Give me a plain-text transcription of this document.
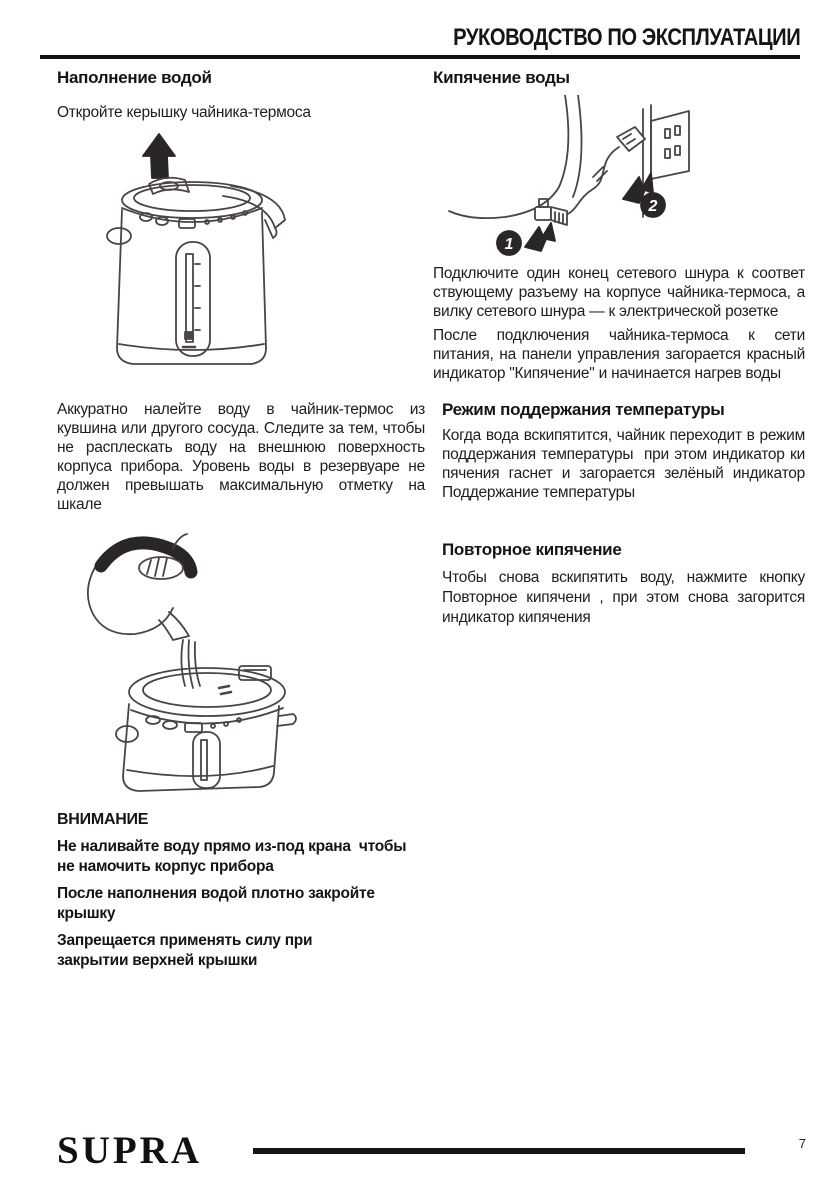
РУКОВОДСТВО ПО ЭКСПЛУАТАЦИИ
Наполнение водой

Откройте керышку чайника-термоса

Аккуратно налейте воду в чайник-термос из кувшина или другого сосуда. Следите за тем, чтобы не расплескать воду на внешнюю поверхность корпуса прибора. Уровень воды в резервуаре не должен превышать максимальную отметку на шкале

ВНИМАНИЕ

Не наливайте воду прямо из-под крана  чтобы не намочить корпус прибора

После наполнения водой плотно закройте крышку

Запрещается применять силу при закрытии верхней крышки

Кипячение воды
1
2

Подключите один конец сетевого шнура к соответ ствующему разъему на корпусе чайника-термоса, а вилку сетевого шнура — к электрической розетке

После подключения чайника-термоса к сети питания, на панели управления загорается красный индикатор "Кипячение" и начинается нагрев воды

Режим поддержания температуры

Когда вода вскипятится, чайник переходит в режим поддержания температуры  при этом индикатор ки пячения гаснет и загорается зелёный индикатор  Поддержание температуры

Повторное кипячение

Чтобы снова вскипятить воду, нажмите кнопку  Повторное кипячени , при этом снова загорится индикатор кипячения

SUPRA	7
